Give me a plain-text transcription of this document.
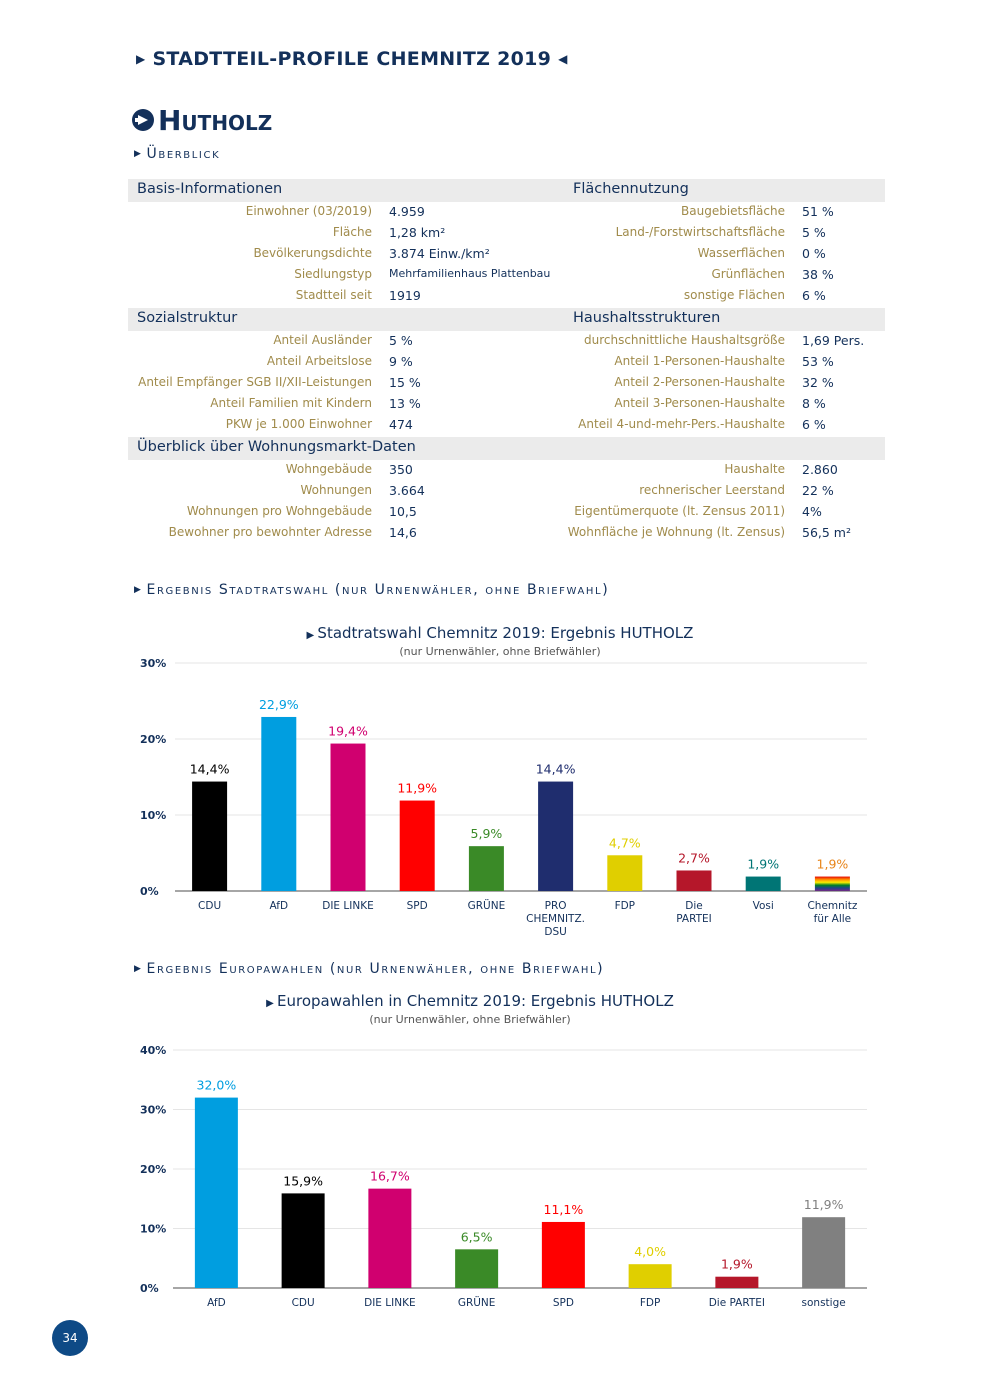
▶ STADTTEIL-PROFILE CHEMNITZ 2019 ◀
Hutholz
▶ Überblick
Basis-Informationen	Flächennutzung
Sozialstruktur	Haushaltsstrukturen
Überblick über Wohnungsmarkt-Daten
Einwohner (03/2019) 4.959
Fläche 1,28 km²
Bevölkerungsdichte 3.874 Einw./km²
Siedlungstyp Mehrfamilienhaus Plattenbau
Stadtteil seit 1919
Baugebietsfläche 51 %
Land-/Forstwirtschaftsfläche 5 %
Wasserflächen 0 %
Grünflächen 38 %
sonstige Flächen 6 %
Anteil Ausländer 5 %
Anteil Arbeitslose 9 %
Anteil Empfänger SGB II/XII-Leistungen 15 %
Anteil Familien mit Kindern 13 %
PKW je 1.000 Einwohner 474
durchschnittliche Haushaltsgröße 1,69 Pers.
Anteil 1-Personen-Haushalte 53 %
Anteil 2-Personen-Haushalte 32 %
Anteil 3-Personen-Haushalte 8 %
Anteil 4-und-mehr-Pers.-Haushalte 6 %
Wohngebäude 350
Wohnungen 3.664
Wohnungen pro Wohngebäude 10,5
Bewohner pro bewohnter Adresse 14,6
Haushalte 2.860
rechnerischer Leerstand 22 %
Eigentümerquote (lt. Zensus 2011) 4%
Wohnfläche je Wohnung (lt. Zensus) 56,5 m²
▶ Ergebnis Stadtratswahl (nur Urnenwähler, ohne Briefwahl)
▶ Stadtratswahl Chemnitz 2019: Ergebnis HUTHOLZ
(nur Urnenwähler, ohne Briefwähler)
0%
10%
20%
30%
14,4%
CDU
22,9%
AfD
19,4%
DIE LINKE
11,9%
SPD
5,9%
GRÜNE
14,4%
PRO
CHEMNITZ.
DSU
4,7%
FDP
2,7%
Die
PARTEI
1,9%
Vosi
1,9%
Chemnitz
für Alle
▶ Ergebnis Europawahlen (nur Urnenwähler, ohne Briefwahl)
▶ Europawahlen in Chemnitz 2019: Ergebnis HUTHOLZ
(nur Urnenwähler, ohne Briefwähler)
0%
10%
20%
30%
40%
32,0%
AfD
15,9%
CDU
16,7%
DIE LINKE
6,5%
GRÜNE
11,1%
SPD
4,0%
FDP
1,9%
Die PARTEI
11,9%
sonstige
34
